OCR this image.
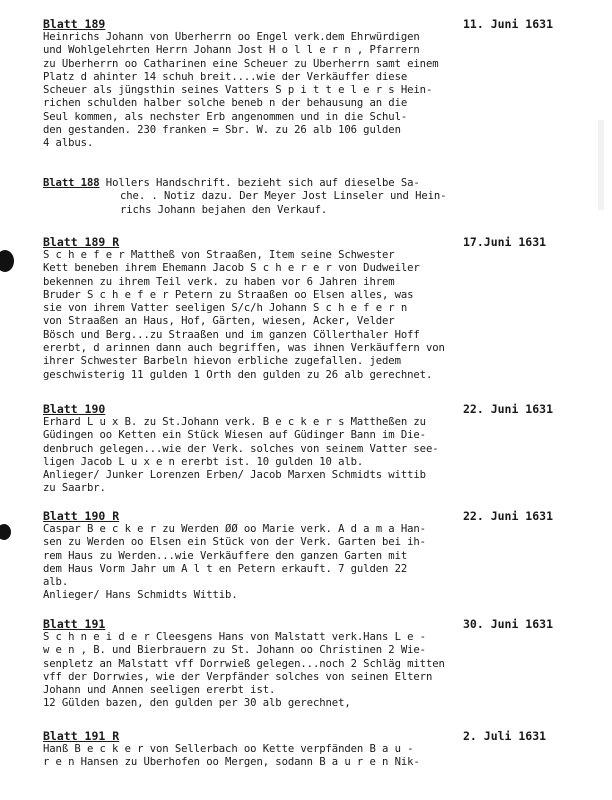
Blatt 189	11. Juni 1631
Heinrichs Johann von Überherrn oo Engel verk.dem Ehrwürdigen
und Wohlgelehrten Herrn Johann Jost H o l l e r n , Pfarrern
zu Überherrn oo Catharinen eine Scheuer zu Überherrn samt einem
Platz d ahinter 14 schuh breit....wie der Verkäuffer diese
Scheuer als jüngsthin seines Vatters S p i t t e l e r s Hein-
richen schulden halber solche beneb n der behausung an die
Seul kommen, als nechster Erb angenommen und in die Schul-
den gestanden. 230 franken = Sbr. W. zu 26 alb 106 gulden
4 albus.
Blatt 188 Hollers Handschrift. bezieht sich auf dieselbe Sa-
che. . Notiz dazu. Der Meyer Jost Linseler und Hein-
richs Johann bejahen den Verkauf.
Blatt 189 R	17.Juni 1631
S c h e f e r Mattheß von Straaßen, Item seine Schwester
Kett beneben ihrem Ehemann Jacob S c h e r e r von Dudweiler
bekennen zu ihrem Teil verk. zu haben vor 6 Jahren ihrem
Bruder S c h e f e r Petern zu Straaßen oo Elsen alles, was
sie von ihrem Vatter seeligen S/c/h Johann S c h e f e r n
von Straaßen an Haus, Hof, Gärten, wiesen, Acker, Velder
Bösch und Berg...zu Straaßen und im ganzen Cöllerthaler Hoff
ererbt, d arinnen dann auch begriffen, was ihnen Verkäuffern von
ihrer Schwester Barbeln hievon erbliche zugefallen. jedem
geschwisterig 11 gulden 1 Orth den gulden zu 26 alb gerechnet.
Blatt 190	22. Juni 1631
Erhard L u x B. zu St.Johann verk. B e c k e r s Mattheßen zu
Güdingen oo Ketten ein Stück Wiesen auf Güdinger Bann im Die-
denbruch gelegen...wie der Verk. solches von seinem Vatter see-
ligen Jacob L u x e n ererbt ist. 10 gulden 10 alb.
Anlieger/ Junker Lorenzen Erben/ Jacob Marxen Schmidts wittib
zu Saarbr.
Blatt 190 R	22. Juni 1631
Caspar B e c k e r zu Werden ØØ oo Marie verk. A d a m a Han-
sen zu Werden oo Elsen ein Stück von der Verk. Garten bei ih-
rem Haus zu Werden...wie Verkäuffere den ganzen Garten mit
dem Haus Vorm Jahr um A l t en Petern erkauft. 7 gulden 22
alb.
Anlieger/ Hans Schmidts Wittib.
Blatt 191	30. Juni 1631
S c h n e i d e r Cleesgens Hans von Malstatt verk.Hans L e -
w e n , B. und Bierbrauern zu St. Johann oo Christinen 2 Wie-
senpletz an Malstatt vff Dorrwieß gelegen...noch 2 Schläg mitten
vff der Dorrwies, wie der Verpfänder solches von seinen Eltern
Johann und Annen seeligen ererbt ist.
12 Gülden bazen, den gulden per 30 alb gerechnet,
Blatt 191 R	2. Juli 1631
Hanß B e c k e r von Sellerbach oo Kette verpfänden B a u -
r e n Hansen zu Überhofen oo Mergen, sodann B a u r e n Nik-
